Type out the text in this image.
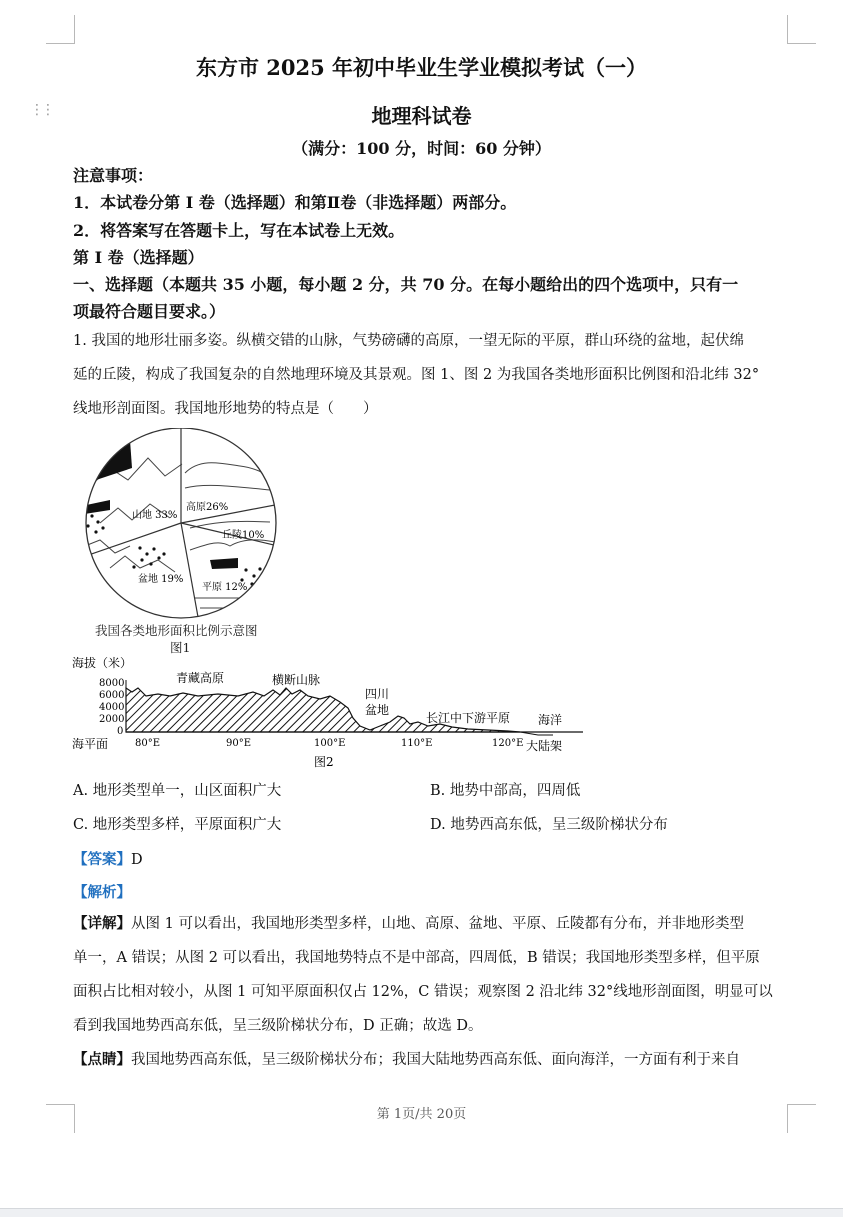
⋮⋮
东方市 2025 年初中毕业生学业模拟考试（一）
地理科试卷
（满分：100 分，时间：60 分钟）
注意事项：
1．本试卷分第 I 卷（选择题）和第Ⅱ卷（非选择题）两部分。
2．将答案写在答题卡上，写在本试卷上无效。
第 I 卷（选择题）
一、选择题（本题共 35 小题，每小题 2 分，共 70 分。在每小题给出的四个选项中，只有一
项最符合题目要求。）
1. 我国的地形壮丽多姿。纵横交错的山脉，气势磅礴的高原，一望无际的平原，群山环绕的盆地，起伏绵
延的丘陵，构成了我国复杂的自然地理环境及其景观。图 1、图 2 为我国各类地形面积比例图和沿北纬 32°
线地形剖面图。我国地形地势的特点是（　　）
山地 33%
高原26%
丘陵10%
盆地 19%
平原 12%
我国各类地形面积比例示意图
图1
海拔（米）
8000
6000
4000
2000
0
青藏高原	横断山脉
四川
盆地
长江中下游平原 海洋
海平面	80°E	90°E	100°E	110°E	120°E 大陆架
图2
A. 地形类型单一，山区面积广大	B. 地势中部高，四周低
C. 地形类型多样，平原面积广大	D. 地势西高东低，呈三级阶梯状分布
【答案】D
【解析】
【详解】从图 1 可以看出，我国地形类型多样，山地、高原、盆地、平原、丘陵都有分布，并非地形类型
单一，A 错误；从图 2 可以看出，我国地势特点不是中部高，四周低，B 错误；我国地形类型多样，但平原
面积占比相对较小，从图 1 可知平原面积仅占 12%，C 错误；观察图 2 沿北纬 32°线地形剖面图，明显可以
看到我国地势西高东低，呈三级阶梯状分布，D 正确；故选 D。
【点睛】我国地势西高东低，呈三级阶梯状分布；我国大陆地势西高东低、面向海洋，一方面有利于来自
第 1页/共 20页
